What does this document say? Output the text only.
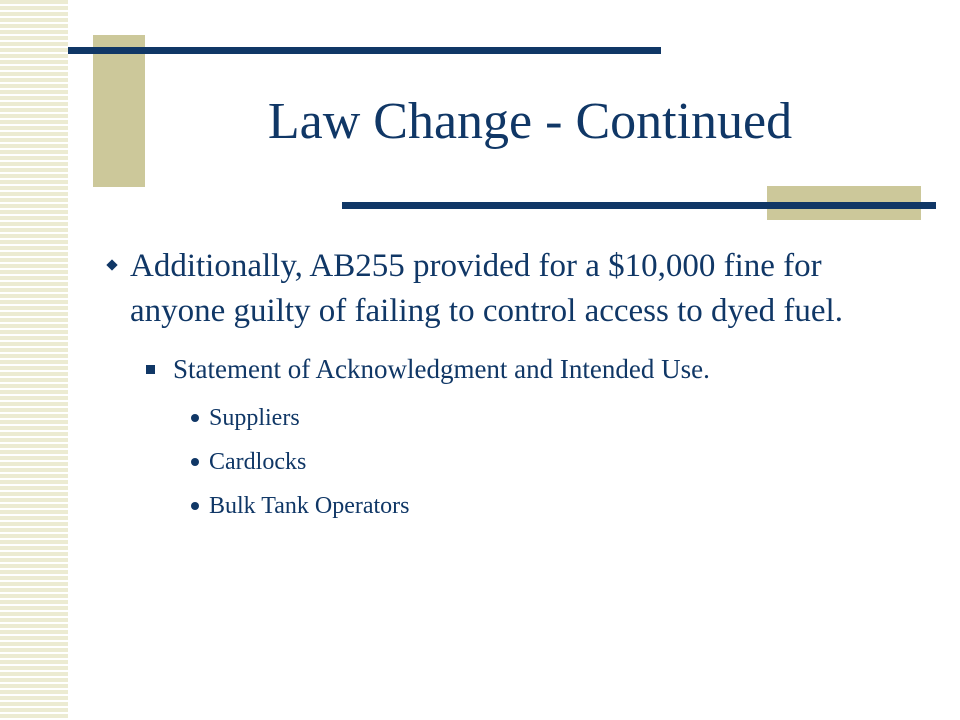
Law Change - Continued
Additionally, AB255 provided for a $10,000 fine for anyone guilty of failing to control access to dyed fuel.
Statement of Acknowledgment and Intended Use.
Suppliers
Cardlocks
Bulk Tank Operators
